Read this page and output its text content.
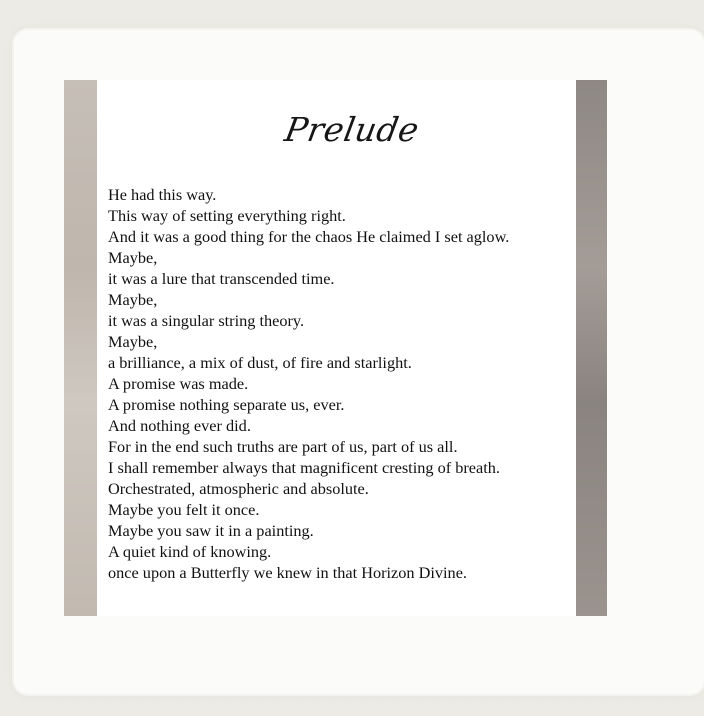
Prelude
He had this way.
This way of setting everything right.
And it was a good thing for the chaos He claimed I set aglow.
Maybe,
it was a lure that transcended time.
Maybe,
it was a singular string theory.
Maybe,
a brilliance, a mix of dust, of fire and starlight.
A promise was made.
A promise nothing separate us, ever.
And nothing ever did.
For in the end such truths are part of us, part of us all.
I shall remember always that magnificent cresting of breath.
Orchestrated, atmospheric and absolute.
Maybe you felt it once.
Maybe you saw it in a painting.
A quiet kind of knowing.
once upon a Butterfly we knew in that Horizon Divine.
